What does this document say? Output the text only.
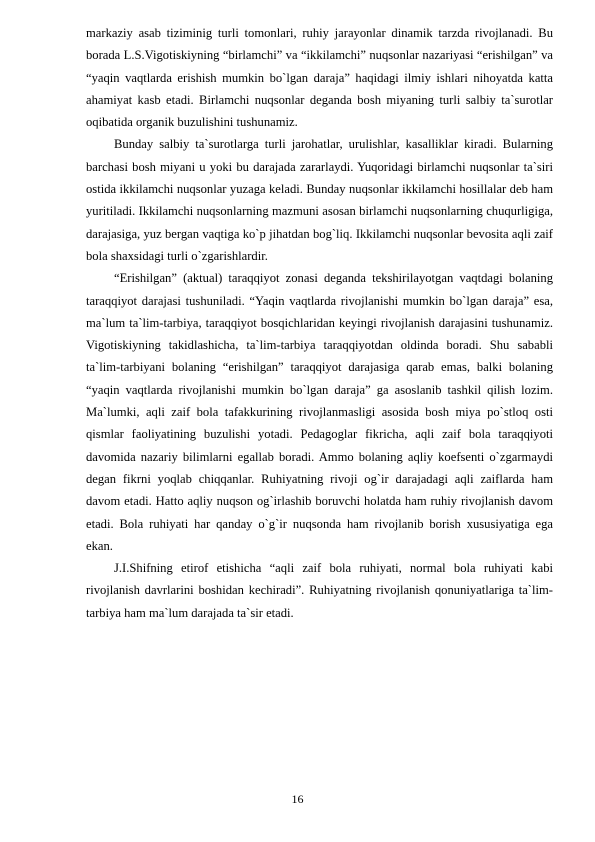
markaziy asab tiziminig turli tomonlari, ruhiy jarayonlar dinamik tarzda rivojlanadi. Bu borada L.S.Vigotiskiyning “birlamchi” va “ikkilamchi” nuqsonlar nazariyasi “erishilgan” va “yaqin vaqtlarda erishish mumkin bo`lgan daraja” haqidagi ilmiy ishlari nihoyatda katta ahamiyat kasb etadi. Birlamchi nuqsonlar deganda bosh miyaning turli salbiy ta`surotlar oqibatida organik buzulishini tushunamiz.

Bunday salbiy ta`surotlarga turli jarohatlar, urulishlar, kasalliklar kiradi. Bularning barchasi bosh miyani u yoki bu darajada zararlaydi. Yuqoridagi birlamchi nuqsonlar ta`siri ostida ikkilamchi nuqsonlar yuzaga keladi. Bunday nuqsonlar ikkilamchi hosillalar deb ham yuritiladi. Ikkilamchi nuqsonlarning mazmuni asosan birlamchi nuqsonlarning chuqurligiga, darajasiga, yuz bergan vaqtiga ko`p jihatdan bog`liq. Ikkilamchi nuqsonlar bevosita aqli zaif bola shaxsidagi turli o`zgarishlardir.

“Erishilgan” (aktual) taraqqiyot zonasi deganda tekshirilayotgan vaqtdagi bolaning taraqqiyot darajasi tushuniladi. “Yaqin vaqtlarda rivojlanishi mumkin bo`lgan daraja” esa, ma`lum ta`lim-tarbiya, taraqqiyot bosqichlaridan keyingi rivojlanish darajasini tushunamiz. Vigotiskiyning takidlashicha, ta`lim-tarbiya taraqqiyotdan oldinda boradi. Shu sababli ta`lim-tarbiyani bolaning “erishilgan” taraqqiyot darajasiga qarab emas, balki bolaning “yaqin vaqtlarda rivojlanishi mumkin bo`lgan daraja” ga asoslanib tashkil qilish lozim. Ma`lumki, aqli zaif bola tafakkurining rivojlanmasligi asosida bosh miya po`stloq osti qismlar faoliyatining buzulishi yotadi. Pedagoglar fikricha, aqli zaif bola taraqqiyoti davomida nazariy bilimlarni egallab boradi. Ammo bolaning aqliy koefsenti o`zgarmaydi degan fikrni yoqlab chiqqanlar. Ruhiyatning rivoji og`ir darajadagi aqli zaiflarda ham davom etadi. Hatto aqliy nuqson og`irlashib boruvchi holatda ham ruhiy rivojlanish davom etadi. Bola ruhiyati har qanday o`g`ir nuqsonda ham rivojlanib borish xususiyatiga ega ekan.

J.I.Shifning etirof etishicha “aqli zaif bola ruhiyati, normal bola ruhiyati kabi rivojlanish davrlarini boshidan kechiradi”. Ruhiyatning rivojlanish qonuniyatlariga ta`lim-tarbiya ham ma`lum darajada ta`sir etadi.

16
